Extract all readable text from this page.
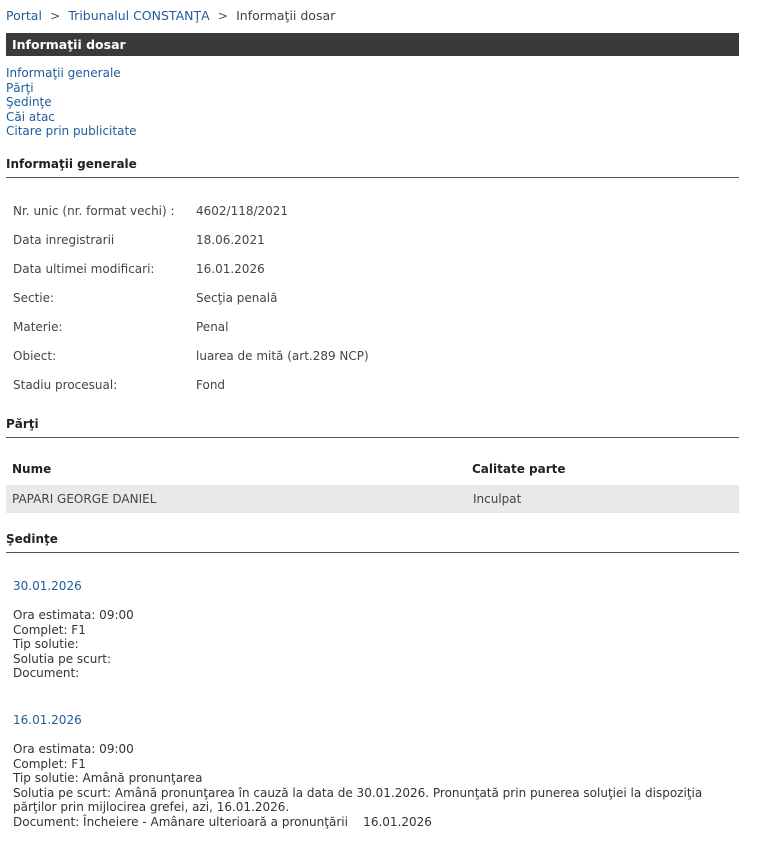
Portal > Tribunalul CONSTANŢA > Informaţii dosar
Informaţii dosar
Informaţii generale
Părţi
Şedinţe
Căi atac
Citare prin publicitate
Informaţii generale
Nr. unic (nr. format vechi) : 4602/118/2021
Data inregistrarii	18.06.2021
Data ultimei modificari:	16.01.2026
Sectie:	Secţia penală
Materie:	Penal
Obiect:	luarea de mită (art.289 NCP)
Stadiu procesual:	Fond
Părţi
Nume	Calitate parte
PAPARI GEORGE DANIEL	Inculpat
Şedinţe
30.01.2026
Ora estimata: 09:00
Complet: F1
Tip solutie:
Solutia pe scurt:
Document:
16.01.2026
Ora estimata: 09:00
Complet: F1
Tip solutie: Amână pronunţarea
Solutia pe scurt: Amână pronunţarea în cauză la data de 30.01.2026. Pronunţată prin punerea soluţiei la dispoziţia părţilor prin mijlocirea grefei, azi, 16.01.2026.
Document: Încheiere - Amânare ulterioară a pronunţării    16.01.2026
